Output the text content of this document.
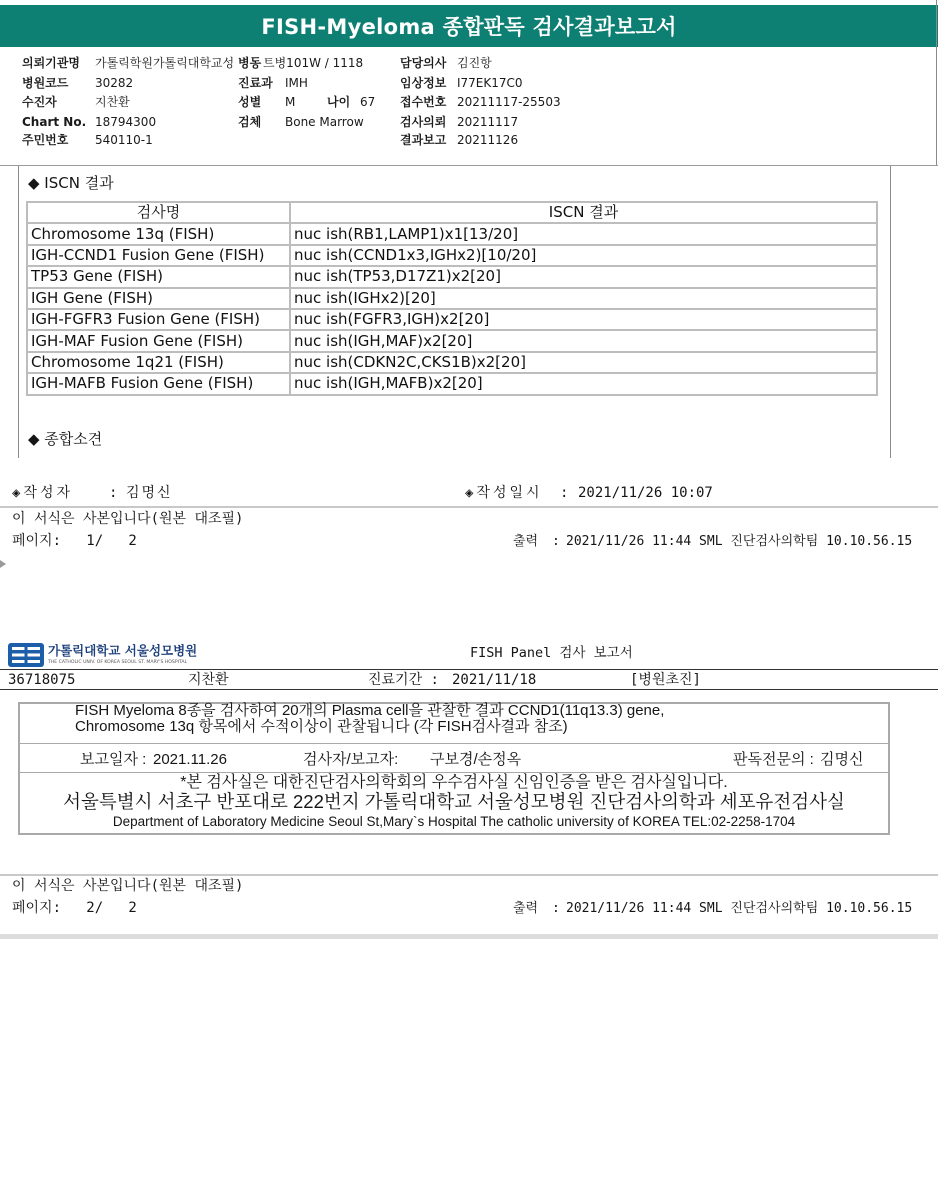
FISH-Myeloma 종합판독 검사결과보고서
의뢰기관명 가톨릭학원가톨릭대학교성 병동 트병101W / 1118	담당의사 김진항
병원코드 30282	진료과 IMH	임상정보 I77EK17C0
수진자	지찬환	성별 M	나이 67 접수번호 20211117-25503
Chart No. 18794300	검체 Bone Marrow	검사의뢰 20211117
주민번호 540110-1	결과보고 20211126
◆ ISCN 결과
검사명	ISCN 결과
Chromosome 13q (FISH)	nuc ish(RB1,LAMP1)x1[13/20]
IGH-CCND1 Fusion Gene (FISH)	nuc ish(CCND1x3,IGHx2)[10/20]
TP53 Gene (FISH)	nuc ish(TP53,D17Z1)x2[20]
IGH Gene (FISH)	nuc ish(IGHx2)[20]
IGH-FGFR3 Fusion Gene (FISH)	nuc ish(FGFR3,IGH)x2[20]
IGH-MAF Fusion Gene (FISH)	nuc ish(IGH,MAF)x2[20]
Chromosome 1q21 (FISH)	nuc ish(CDKN2C,CKS1B)x2[20]
IGH-MAFB Fusion Gene (FISH)	nuc ish(IGH,MAFB)x2[20]
◆ 종합소견
◈작성자	: 김명신	◈작성일시 : 2021/11/26 10:07
이 서식은 사본입니다(원본 대조필)
페이지:   1/   2	출력 : 2021/11/26 11:44 SML 진단검사의학팀 10.10.56.15
가톨릭대학교 서울성모병원
THE CATHOLIC UNIV. OF KOREA SEOUL ST. MARY'S HOSPITAL
FISH Panel 검사 보고서
36718075	지찬환	진료기간 : 2021/11/18	[병원초진]
FISH Myeloma 8종을 검사하여 20개의 Plasma cell을 관찰한 결과 CCND1(11q13.3) gene,
Chromosome 13q 항목에서 수적이상이 관찰됩니다 (각 FISH검사결과 참조)
보고일자 : 2021.11.26	검사자/보고자: 구보경/손정옥	판독전문의 : 김명신
*본 검사실은 대한진단검사의학회의 우수검사실 신임인증을 받은 검사실입니다.
서울특별시 서초구 반포대로 222번지 가톨릭대학교 서울성모병원 진단검사의학과 세포유전검사실
Department of Laboratory Medicine Seoul St,Mary`s Hospital The catholic university of KOREA TEL:02-2258-1704
이 서식은 사본입니다(원본 대조필)
페이지:   2/   2	출력 : 2021/11/26 11:44 SML 진단검사의학팀 10.10.56.15
